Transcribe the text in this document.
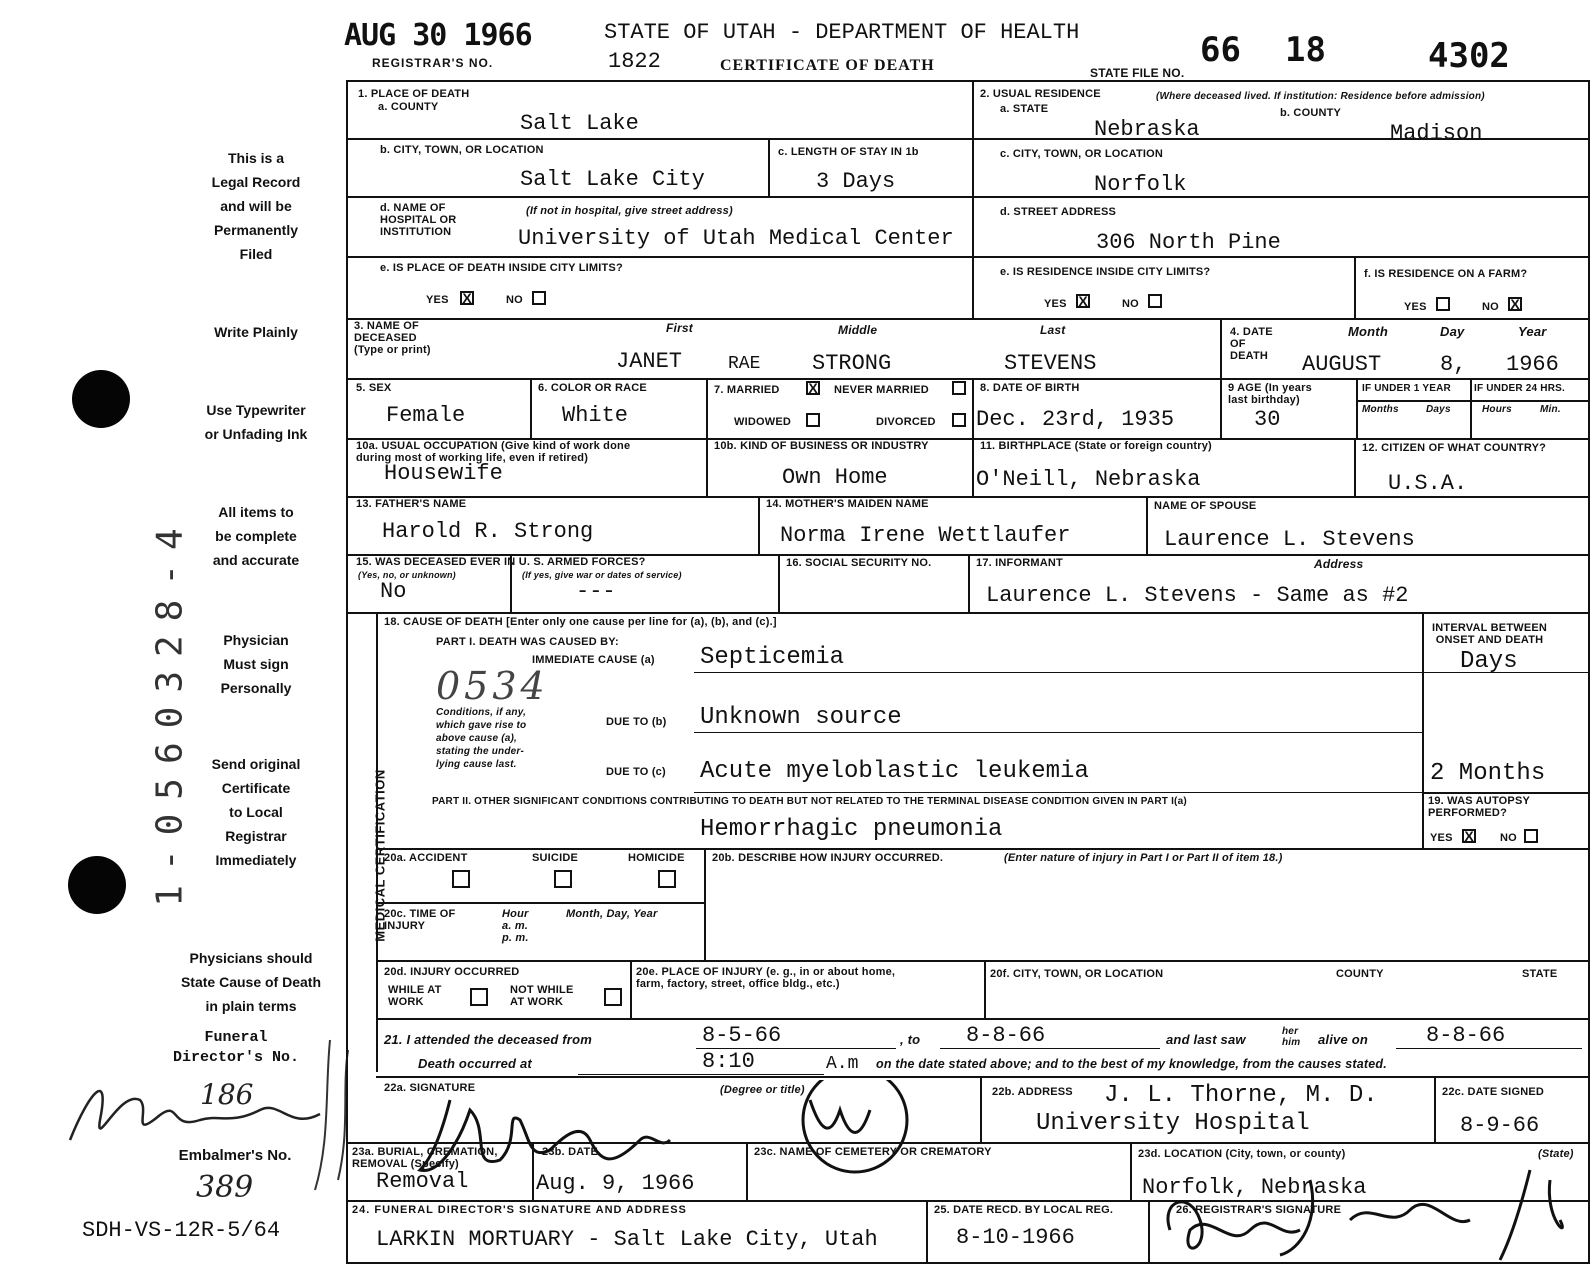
AUG 30 1966
REGISTRAR'S NO.	1822
STATE OF UTAH - DEPARTMENT OF HEALTH
CERTIFICATE OF DEATH	STATE FILE NO.
66 18	4302
This is a
Legal Record
and will be
Permanently
Filed
Write Plainly
Use Typewriter
or Unfading Ink
All items to
be complete
and accurate
Physician
Must sign
Personally
Send original
Certificate
to Local
Registrar
Immediately
Physicians should
State Cause of Death
in plain terms
Funeral
Director's No.
186
Embalmer's No.
389
SDH-VS-12R-5/64
1-0560328-4
1. PLACE OF DEATH
a. COUNTY
Salt Lake
2. USUAL RESIDENCE	(Where deceased lived. If institution: Residence before admission)
a. STATE	b. COUNTY
Nebraska	Madison
b. CITY, TOWN, OR LOCATION
Salt Lake City
c. LENGTH OF STAY IN 1b
3 Days
c. CITY, TOWN, OR LOCATION
Norfolk
d. NAME OF
HOSPITAL OR
INSTITUTION
(If not in hospital, give street address)
University of Utah Medical Center
d. STREET ADDRESS
306 North Pine
e. IS PLACE OF DEATH INSIDE CITY LIMITS?
YES X	NO
e. IS RESIDENCE INSIDE CITY LIMITS?
YES X	NO
f. IS RESIDENCE ON A FARM?
YES	NO X
3. NAME OF
DECEASED
(Type or print)
First	Middle	Last
JANET	RAE STRONG	STEVENS
4. DATE
OF
DEATH
Month	Day	Year
AUGUST	8, 1966
5. SEX
Female
6. COLOR OR RACE
White
7. MARRIED X NEVER MARRIED
WIDOWED	DIVORCED
8. DATE OF BIRTH
Dec. 23rd, 1935
9 AGE (In years
last birthday)
30
IF UNDER 1 YEAR IF UNDER 24 HRS.
Months	Days	Hours	Min.
10a. USUAL OCCUPATION (Give kind of work done
during most of working life, even if retired)
Housewife
10b. KIND OF BUSINESS OR INDUSTRY
Own Home
11. BIRTHPLACE (State or foreign country)
O'Neill, Nebraska
12. CITIZEN OF WHAT COUNTRY?
U.S.A.
13. FATHER'S NAME
Harold R. Strong
14. MOTHER'S MAIDEN NAME
Norma Irene Wettlaufer
NAME OF SPOUSE
Laurence L. Stevens
15. WAS DECEASED EVER IN U. S. ARMED FORCES?
(Yes, no, or unknown)	(If yes, give war or dates of service)
No	---
16. SOCIAL SECURITY NO.	17. INFORMANT	Address
Laurence L. Stevens - Same as #2
MEDICAL CERTIFICATION
18. CAUSE OF DEATH [Enter only one cause per line for (a), (b), and (c).]
PART I. DEATH WAS CAUSED BY:
IMMEDIATE CAUSE (a) Septicemia
0534
Conditions, if any,
which gave rise to
above cause (a),
stating the under-
lying cause last.
DUE TO (b) Unknown source
DUE TO (c) Acute myeloblastic leukemia
INTERVAL BETWEEN
ONSET AND DEATH
Days
2 Months
PART II. OTHER SIGNIFICANT CONDITIONS CONTRIBUTING TO DEATH BUT NOT RELATED TO THE TERMINAL DISEASE CONDITION GIVEN IN PART I(a)
Hemorrhagic pneumonia
19. WAS AUTOPSY
PERFORMED?
YES X NO
20a. ACCIDENT	SUICIDE	HOMICIDE 20b. DESCRIBE HOW INJURY OCCURRED.	(Enter nature of injury in Part I or Part II of item 18.)
20c. TIME OF
INJURY
Hour
a. m.
p. m.
Month, Day, Year
20d. INJURY OCCURRED
WHILE AT
WORK
NOT WHILE
AT WORK
20e. PLACE OF INJURY (e. g., in or about home,
farm, factory, street, office bldg., etc.)
20f. CITY, TOWN, OR LOCATION	COUNTY	STATE
21. I attended the deceased from	8-5-66	, to 8-8-66	and last saw
her
him alive on	8-8-66
Death occurred at	8:10	A.m on the date stated above; and to the best of my knowledge, from the causes stated.
22a. SIGNATURE	(Degree or title)	22b. ADDRESS J. L. Thorne, M. D.
University Hospital
22c. DATE SIGNED
8-9-66
23a. BURIAL, CREMATION,
REMOVAL (Specify)
Removal
23b. DATE
Aug. 9, 1966
23c. NAME OF CEMETERY OR CREMATORY	23d. LOCATION (City, town, or county)	(State)
Norfolk, Nebraska
24. FUNERAL DIRECTOR'S SIGNATURE AND ADDRESS
LARKIN MORTUARY - Salt Lake City, Utah
25. DATE RECD. BY LOCAL REG.
8-10-1966
26. REGISTRAR'S SIGNATURE
